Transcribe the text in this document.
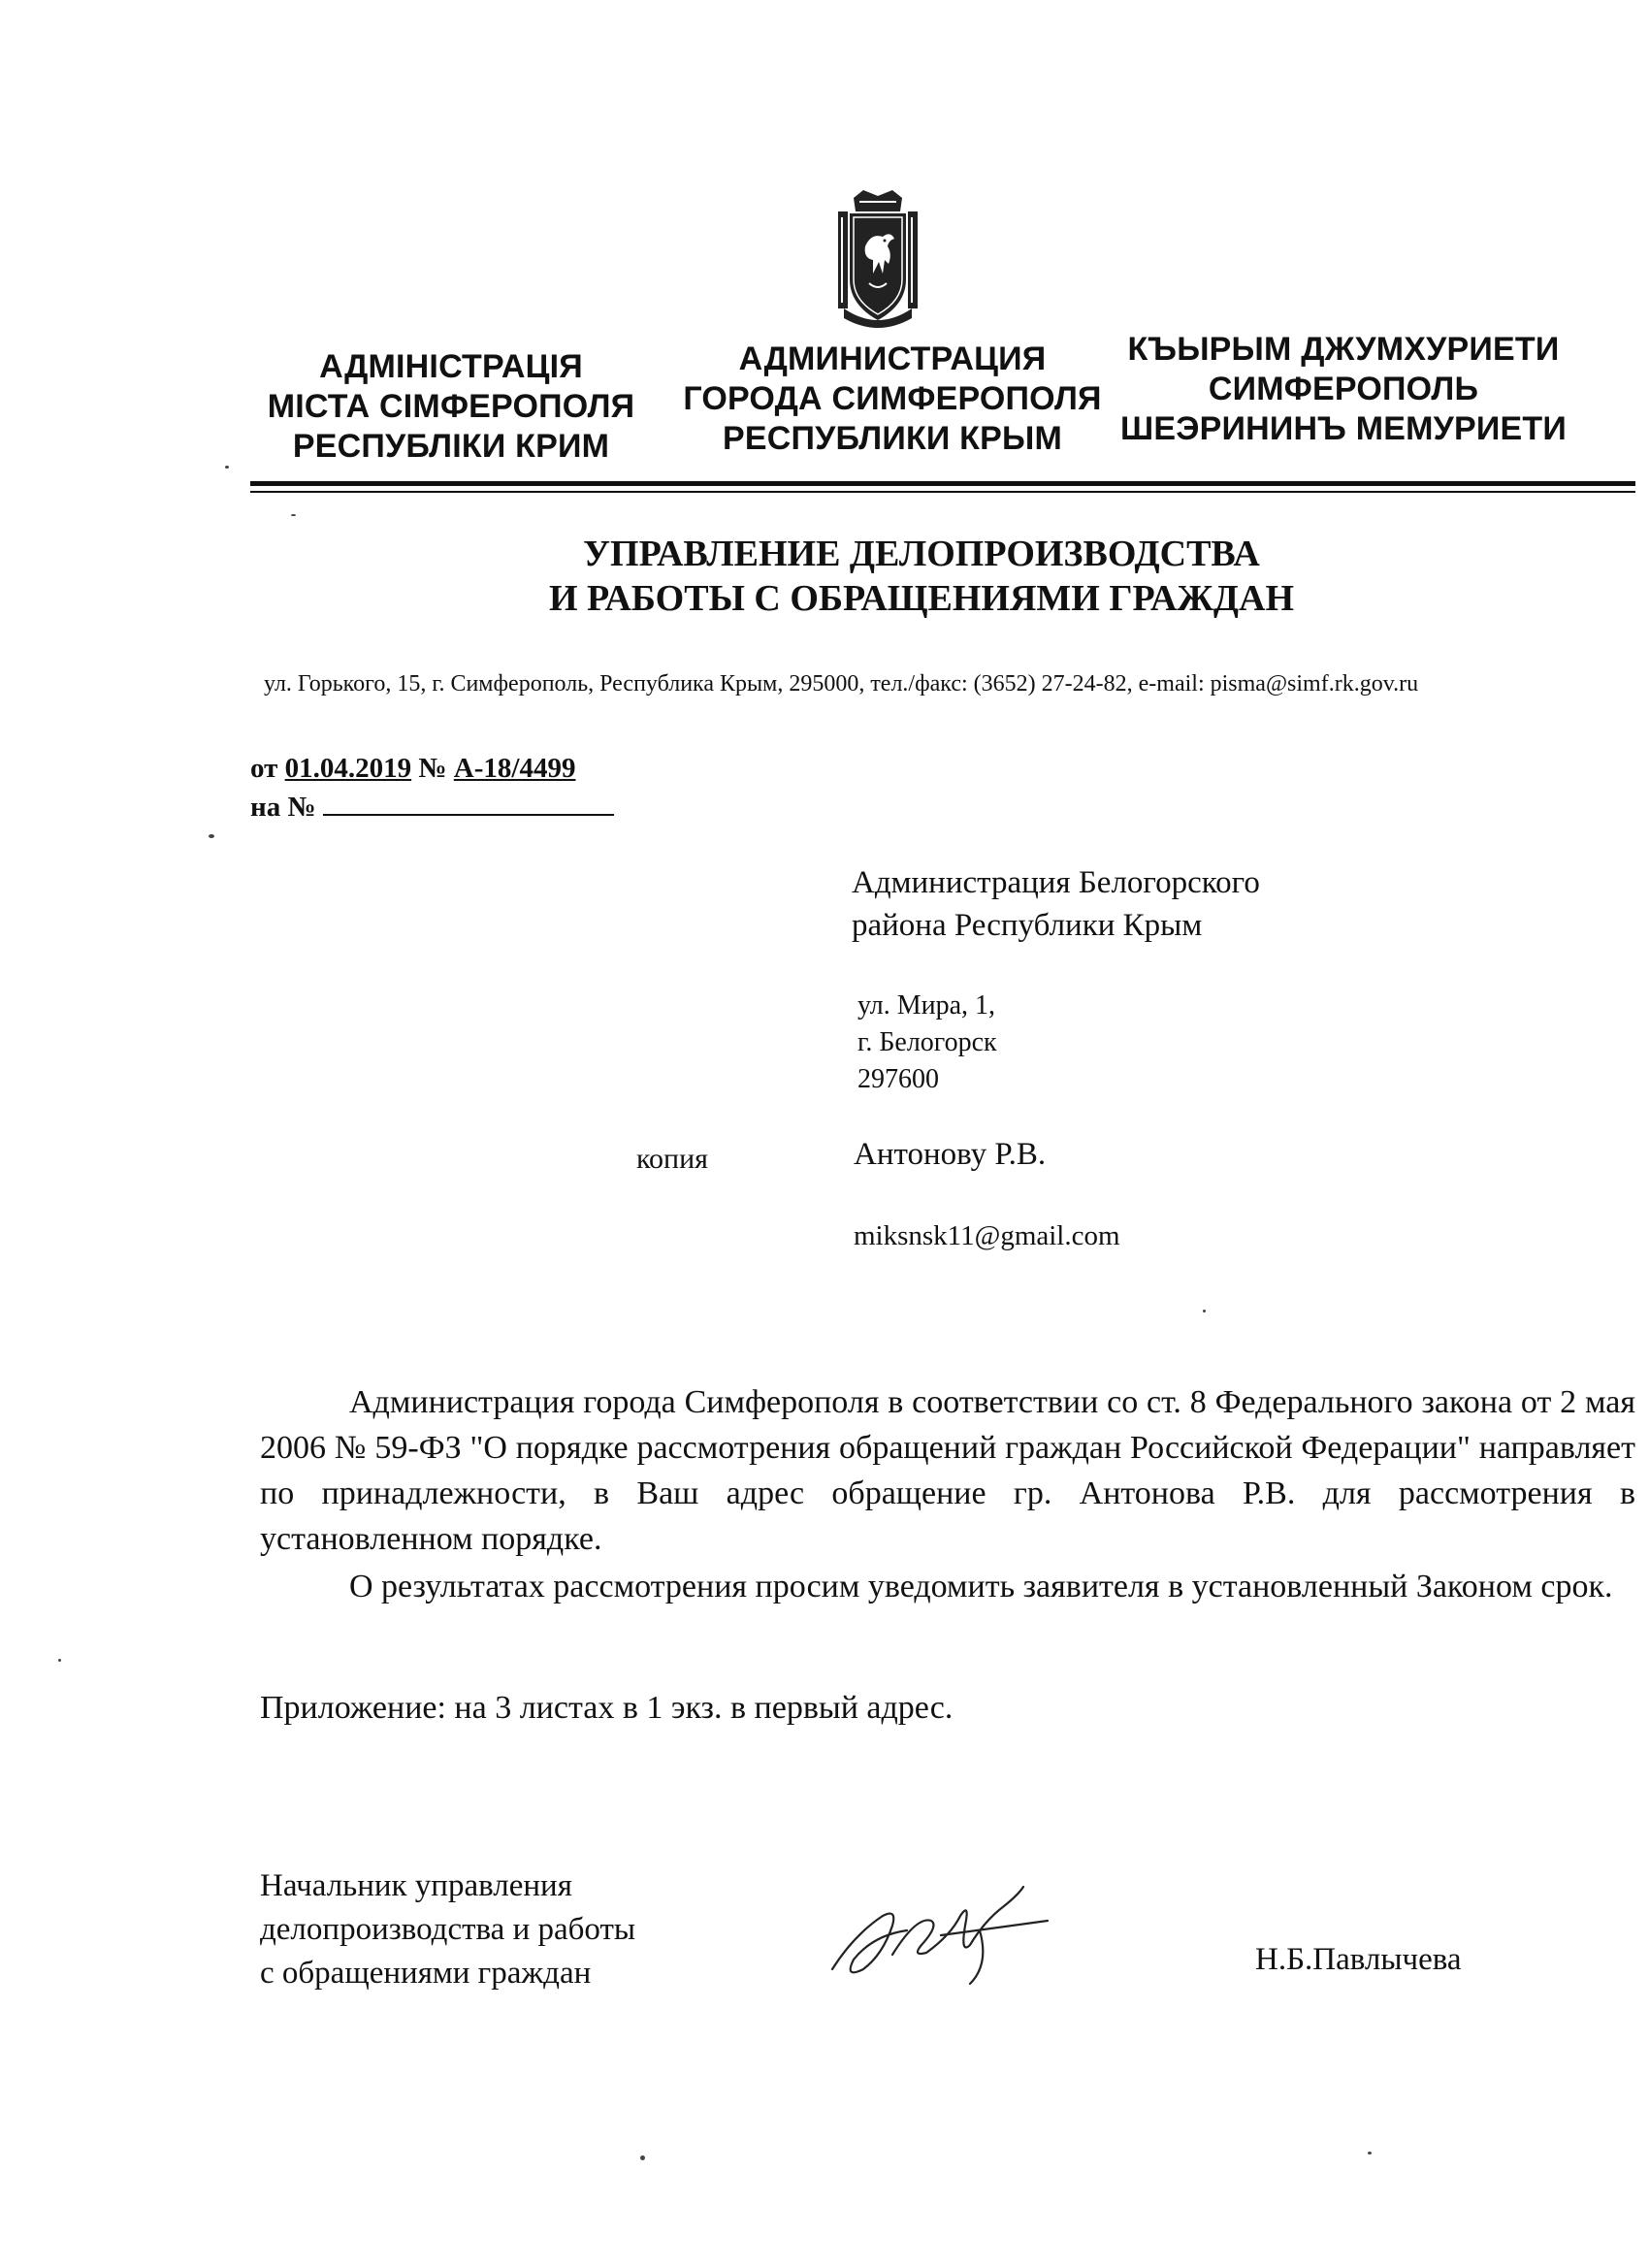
АДМІНІСТРАЦІЯ
МІСТА СІМФЕРОПОЛЯ
РЕСПУБЛІКИ КРИМ
АДМИНИСТРАЦИЯ
ГОРОДА СИМФЕРОПОЛЯ
РЕСПУБЛИКИ КРЫМ
КЪЫРЫМ ДЖУМХУРИЕТИ
СИМФЕРОПОЛЬ
ШЕЭРИНИНЪ МЕМУРИЕТИ
УПРАВЛЕНИЕ ДЕЛОПРОИЗВОДСТВА
И РАБОТЫ С ОБРАЩЕНИЯМИ ГРАЖДАН
ул. Горького, 15, г. Симферополь, Республика Крым, 295000, тел./факс: (3652) 27-24-82, e-mail: pisma@simf.rk.gov.ru
от 01.04.2019 № А-18/4499
на №
Администрация Белогорского
района Республики Крым
ул. Мира, 1,
г. Белогорск
297600
копия	Антонову Р.В.
miksnsk11@gmail.com

Администрация города Симферополя в соответствии со ст. 8 Федерального закона от 2 мая 2006 № 59-ФЗ "О порядке рассмотрения обращений граждан Российской Федерации" направляет по принадлежности, в Ваш адрес обращение гр. Антонова Р.В. для рассмотрения в установленном порядке.

О результатах рассмотрения просим уведомить заявителя в установленный Законом срок.

Приложение: на 3 листах в 1 экз. в первый адрес.
Начальник управления
делопроизводства и работы
с обращениями граждан	Н.Б.Павлычева
